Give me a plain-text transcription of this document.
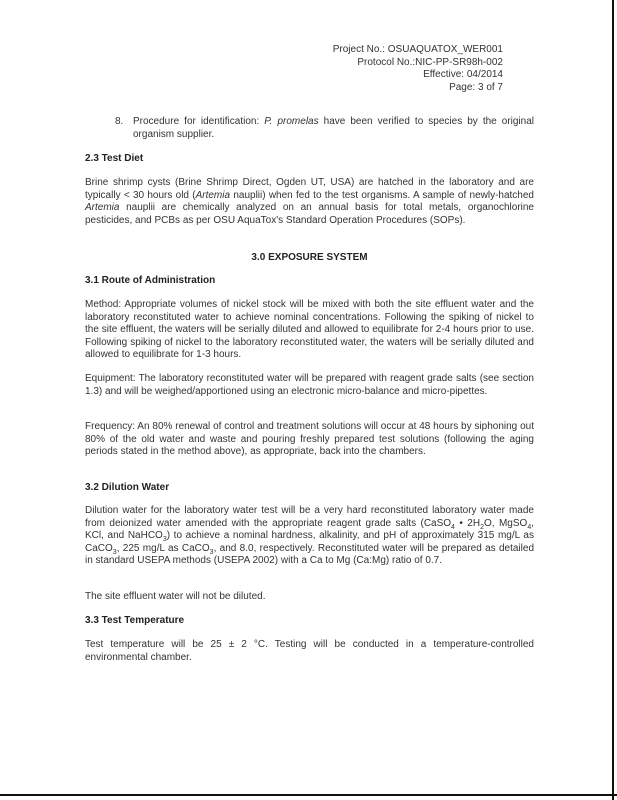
Project No.: OSUAQUATOX_WER001
Protocol No.:NIC-PP-SR98h-002
Effective: 04/2014
Page: 3 of 7
8. Procedure for identification: P. promelas have been verified to species by the original organism supplier.

2.3 Test Diet

Brine shrimp cysts (Brine Shrimp Direct, Ogden UT, USA) are hatched in the laboratory and are typically < 30 hours old (Artemia nauplii) when fed to the test organisms. A sample of newly-hatched Artemia nauplii are chemically analyzed on an annual basis for total metals, organochlorine pesticides, and PCBs as per OSU AquaTox's Standard Operation Procedures (SOPs).

3.0 EXPOSURE SYSTEM
3.1 Route of Administration

Method: Appropriate volumes of nickel stock will be mixed with both the site effluent water and the laboratory reconstituted water to achieve nominal concentrations. Following the spiking of nickel to the site effluent, the waters will be serially diluted and allowed to equilibrate for 2-4 hours prior to use. Following spiking of nickel to the laboratory reconstituted water, the waters will be serially diluted and allowed to equilibrate for 1-3 hours.

Equipment: The laboratory reconstituted water will be prepared with reagent grade salts (see section 1.3) and will be weighed/apportioned using an electronic micro-balance and micro-pipettes.

Frequency: An 80% renewal of control and treatment solutions will occur at 48 hours by siphoning out 80% of the old water and waste and pouring freshly prepared test solutions (following the aging periods stated in the method above), as appropriate, back into the chambers.

3.2 Dilution Water

Dilution water for the laboratory water test will be a very hard reconstituted laboratory water made from deionized water amended with the appropriate reagent grade salts (CaSO$_4$ • $2H_2O$, MgSO$_4$, KCl, and NaHCO$_3$) to achieve a nominal hardness, alkalinity, and pH of approximately 315 mg/L as CaCO$_3$, 225 mg/L as CaCO$_3$, and 8.0, respectively. Reconstituted water will be prepared as detailed in standard USEPA methods (USEPA 2002) with a Ca to Mg (Ca:Mg) ratio of 0.7.

The site effluent water will not be diluted.

3.3 Test Temperature

Test temperature will be 25 ± 2 °C. Testing will be conducted in a temperature-controlled environmental chamber.
